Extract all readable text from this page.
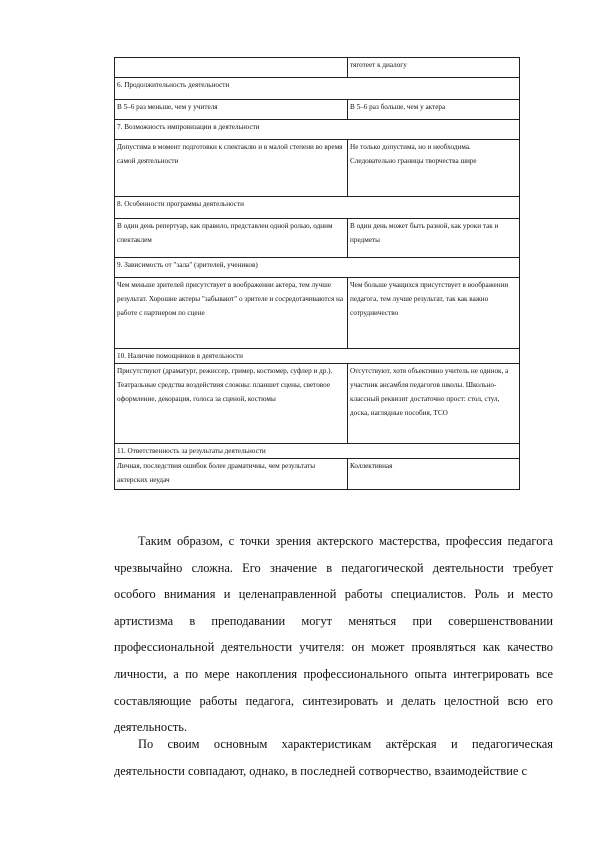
	тяготеет к диалогу
6. Продолжительность деятельности	
В 5–6 раз меньше, чем у учителя	В 5–6 раз больше, чем у актера
7. Возможность импровизации в деятельности	
Допустима в момент подготовки к спектаклю и в малой степени во время самой деятельности	Не только допустима, но и необходима. Следовательно границы творчества шире
8. Особенности программы деятельности	
В один день репертуар, как правило, представлен одной ролью, одним спектаклем	В один день может быть разной, как уроки так и предметы
9. Зависимость от "зала" (зрителей, учеников)	
Чем меньше зрителей присутствует в воображении актера, тем лучше результат. Хорошие актеры "забывают" о зрителе и сосредотачиваются на работе с партнером по сцене	Чем больше учащихся присутствует в воображении педагога, тем лучше результат, так как важно сотрудничество
10. Наличие помощников в деятельности	
Присутствуют (драматург, режиссер, гример, костюмер, суфлер и др.). Театральные средства воздействия сложны: планшет сцены, световое оформление, декорация, голоса за сценой, костюмы	Отсутствуют, хотя объективно учитель не одинок, а участник ансамбля педагогов школы. Школьно-классный реквизит достаточно прост: стол, стул, доска, наглядные пособия, ТСО
11. Ответственность за результаты деятельности	
Личная, последствия ошибок более драматичны, чем результаты актерских неудач	Коллективная

Таким образом, с точки зрения актерского мастерства, профессия педагога чрезвычайно сложна. Его значение в педагогической деятельности требует особого внимания и целенаправленной работы специалистов. Роль и место артистизма в преподавании могут меняться при совершенствовании профессиональной деятельности учителя: он может проявляться как качество личности, а по мере накопления профессионального опыта интегрировать все составляющие работы педагога, синтезировать и делать целостной всю его деятельность.

По своим основным характеристикам актёрская и педагогическая деятельности совпадают, однако, в последней сотворчество, взаимодействие с
